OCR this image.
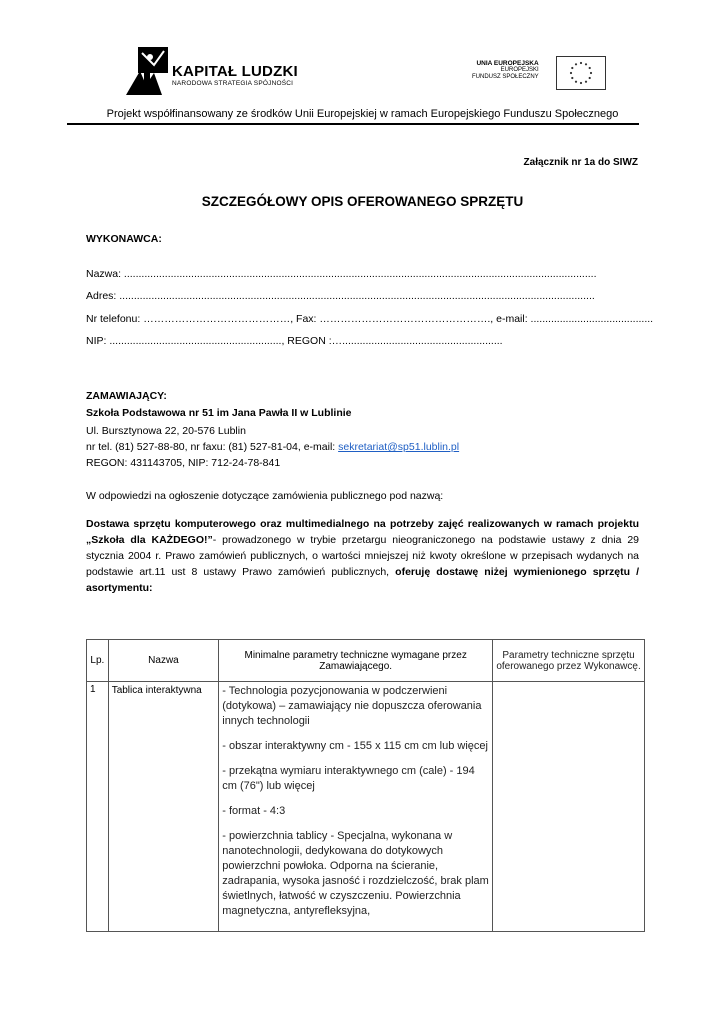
KAPITAŁ LUDZKI
NARODOWA STRATEGIA SPÓJNOŚCI
UNIA EUROPEJSKA
EUROPEJSKI
FUNDUSZ SPOŁECZNY
Projekt współfinansowany ze środków Unii Europejskiej w ramach Europejskiego Funduszu Społecznego
Załącznik nr 1a do SIWZ
SZCZEGÓŁOWY OPIS OFEROWANEGO SPRZĘTU
WYKONAWCA:
Nazwa: ..................................................................................................................................................................
Adres: ...................................................................................................................................................................
Nr telefonu: ……………………………………, Fax: …………………………………………., e-mail: ..........................................
NIP: ..........................................................., REGON :….......................................................
ZAMAWIAJĄCY:
Szkoła Podstawowa nr 51 im Jana Pawła II w Lublinie
Ul. Bursztynowa 22, 20-576 Lublin
nr tel. (81) 527-88-80, nr faxu: (81) 527-81-04, e-mail: sekretariat@sp51.lublin.pl
REGON: 431143705, NIP: 712-24-78-841
W odpowiedzi na ogłoszenie dotyczące zamówienia publicznego pod nazwą:
Dostawa sprzętu komputerowego oraz multimedialnego na potrzeby zajęć realizowanych w ramach projektu „Szkoła dla KAŻDEGO!”- prowadzonego w trybie przetargu nieograniczonego na podstawie ustawy z dnia 29 stycznia 2004 r. Prawo zamówień publicznych, o wartości mniejszej niż kwoty określone w przepisach wydanych na podstawie art.11 ust 8 ustawy Prawo zamówień publicznych, oferuję dostawę niżej wymienionego sprzętu / asortymentu:
Lp.	Nazwa	Minimalne parametry techniczne wymagane przez Zamawiającego.	Parametry techniczne sprzętu oferowanego przez Wykonawcę.
1	Tablica interaktywna	- Technologia pozycjonowania w podczerwieni (dotykowa) – zamawiający nie dopuszcza oferowania innych technologii

- obszar interaktywny cm - 155 x 115 cm cm lub więcej

- przekątna wymiaru interaktywnego cm (cale) - 194 cm (76") lub więcej

- format - 4:3

- powierzchnia tablicy - Specjalna, wykonana w nanotechnologii, dedykowana do dotykowych powierzchni powłoka. Odporna na ścieranie, zadrapania, wysoka jasność i rozdzielczość, brak plam świetlnych, łatwość w czyszczeniu. Powierzchnia magnetyczna, antyrefleksyjna,	
